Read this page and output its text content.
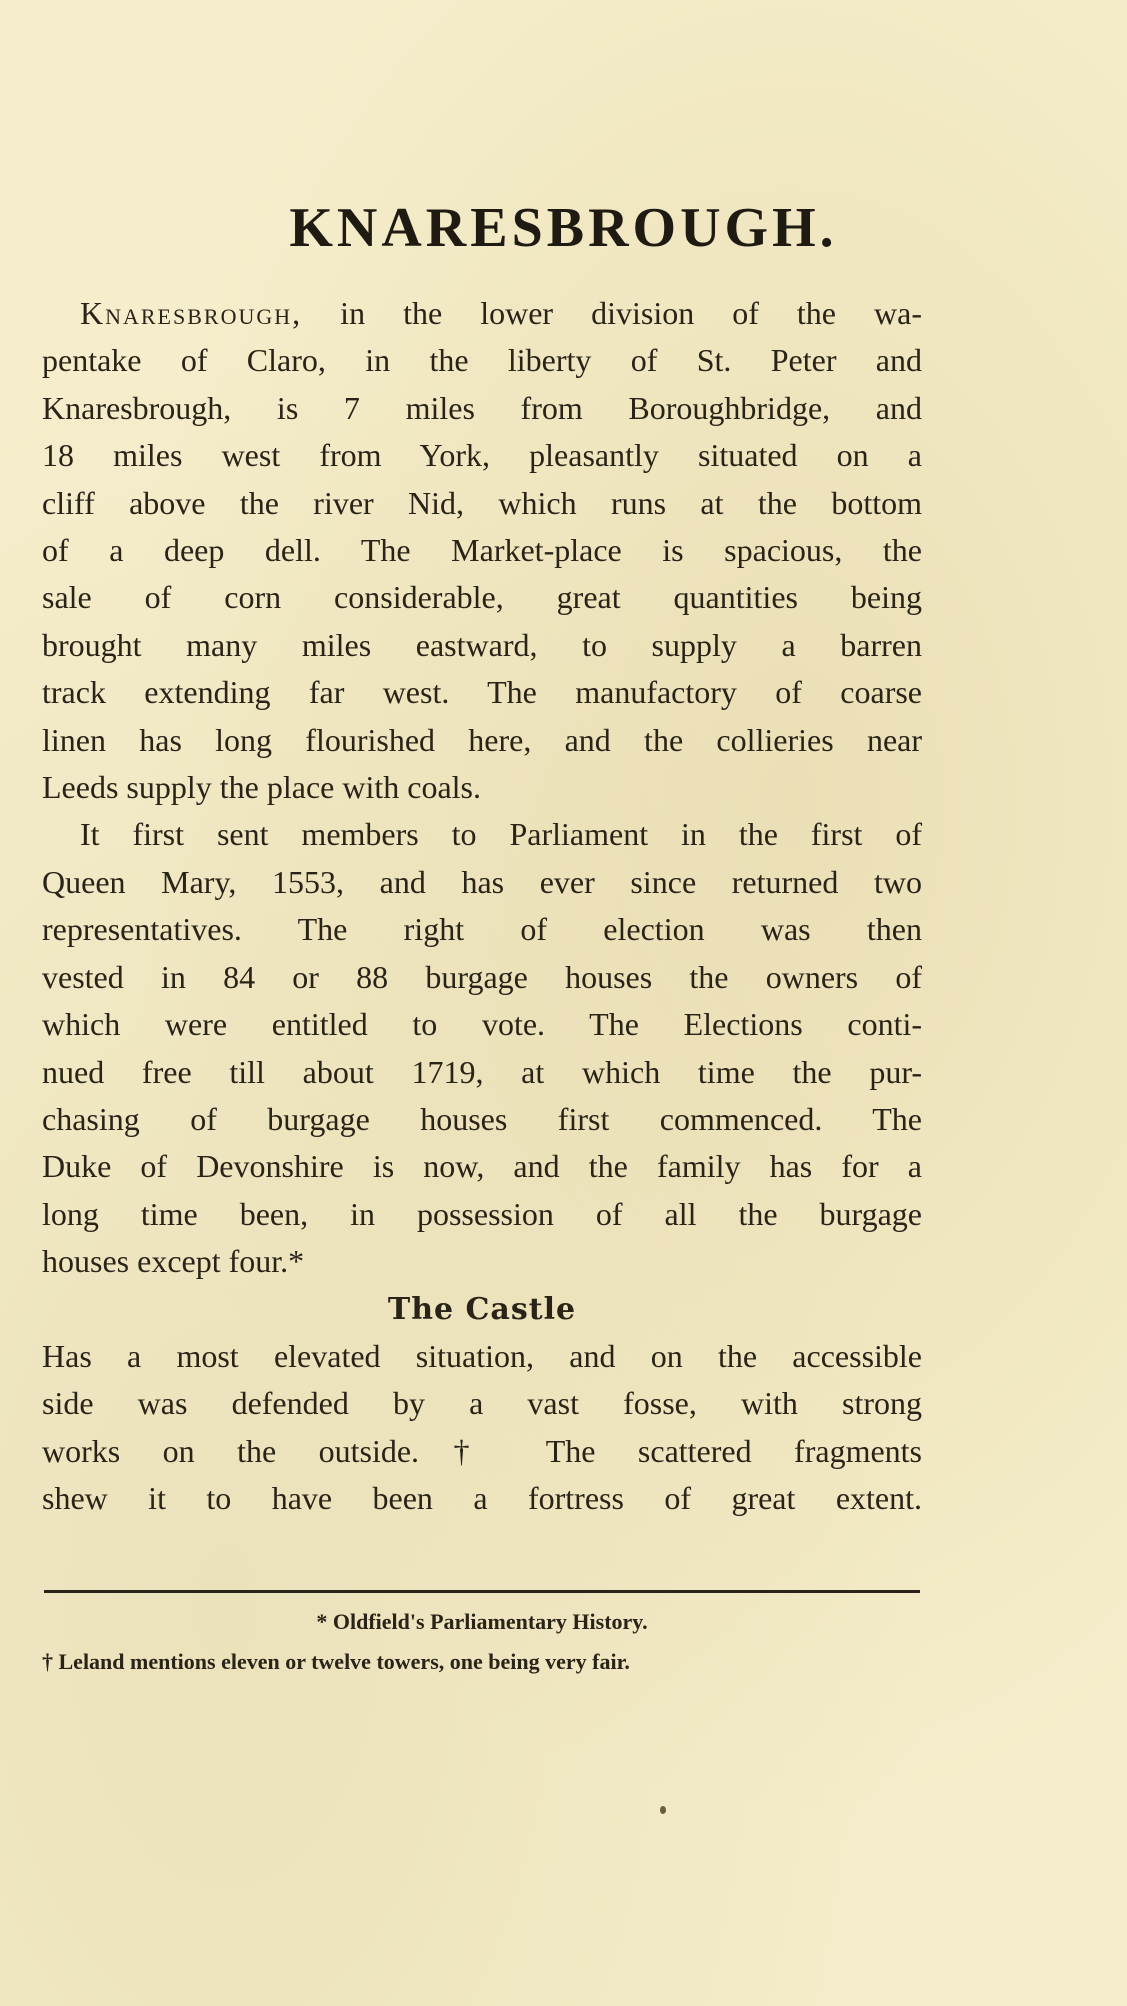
KNARESBROUGH.
Knaresbrough, in the lower division of the wa-
pentake of Claro, in the liberty of St. Peter and
Knaresbrough, is 7 miles from Boroughbridge, and
18 miles west from York, pleasantly situated on a
cliff above the river Nid, which runs at the bottom
of a deep dell. The Market-place is spacious, the
sale of corn considerable, great quantities being
brought many miles eastward, to supply a barren
track extending far west. The manufactory of coarse
linen has long flourished here, and the collieries near
Leeds supply the place with coals.
It first sent members to Parliament in the first of
Queen Mary, 1553, and has ever since returned two
representatives. The right of election was then
vested in 84 or 88 burgage houses the owners of
which were entitled to vote. The Elections conti-
nued free till about 1719, at which time the pur-
chasing of burgage houses first commenced. The
Duke of Devonshire is now, and the family has for a
long time been, in possession of all the burgage
houses except four.*
The Castle
Has a most elevated situation, and on the accessible
side was defended by a vast fosse, with strong
works on the outside.† The scattered fragments
shew it to have been a fortress of great extent.
* Oldfield's Parliamentary History.
† Leland mentions eleven or twelve towers, one being very fair.
